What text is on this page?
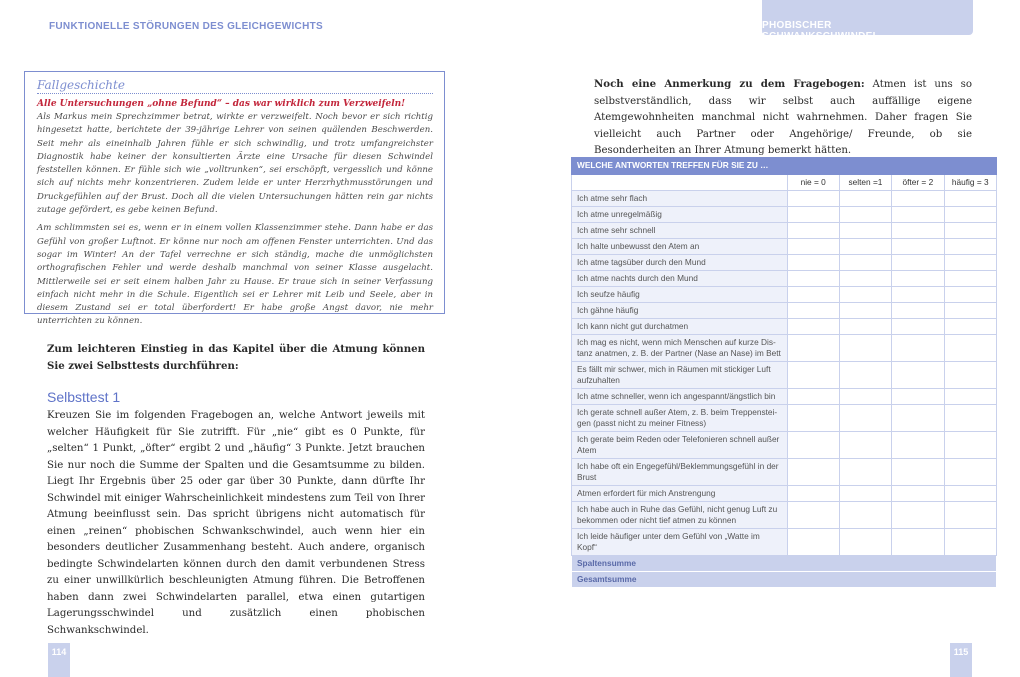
FUNKTIONELLE STÖRUNGEN DES GLEICHGEWICHTS	PHOBISCHER SCHWANKSCHWINDEL
Fallgeschichte
Alle Untersuchungen „ohne Befund“ – das war wirklich zum Verzweifeln!

Als Markus mein Sprechzimmer betrat, wirkte er verzweifelt. Noch bevor er sich richtig hingesetzt hatte, berichtete der 39-jährige Lehrer von seinen quälenden Beschwerden. Seit mehr als eineinhalb Jahren fühle er sich schwindlig, und trotz umfangreichster Diagnostik habe keiner der konsultierten Ärzte eine Ursache für diesen Schwindel feststellen können. Er fühle sich wie „volltrunken“, sei erschöpft, vergesslich und könne sich auf nichts mehr konzentrieren. Zudem leide er unter Herzrhythmusstörungen und Druckgefühlen auf der Brust. Doch all die vielen Untersuchungen hätten rein gar nichts zutage gefördert, es gebe keinen Befund.

Am schlimmsten sei es, wenn er in einem vollen Klassenzimmer stehe. Dann habe er das Gefühl von großer Luftnot. Er könne nur noch am offenen Fenster unterrichten. Und das sogar im Winter! An der Tafel verrechne er sich ständig, mache die unmöglichsten orthografischen Fehler und werde deshalb manchmal von seiner Klasse ausgelacht. Mittlerweile sei er seit einem halben Jahr zu Hause. Er traue sich in seiner Verfassung einfach nicht mehr in die Schule. Eigentlich sei er Lehrer mit Leib und Seele, aber in diesem Zustand sei er total überfordert! Er habe große Angst davor, nie mehr unterrichten zu können.

Zum leichteren Einstieg in das Kapitel über die Atmung können Sie zwei Selbsttests durchführen:
Selbsttest 1
Kreuzen Sie im folgenden Fragebogen an, welche Antwort jeweils mit welcher Häufigkeit für Sie zutrifft. Für „nie“ gibt es 0 Punkte, für „selten“ 1 Punkt, „öfter“ ergibt 2 und „häufig“ 3 Punkte. Jetzt brauchen Sie nur noch die Summe der Spalten und die Gesamtsumme zu bilden. Liegt Ihr Ergebnis über 25 oder gar über 30 Punkte, dann dürfte Ihr Schwindel mit einiger Wahrscheinlichkeit mindestens zum Teil von Ihrer Atmung beeinflusst sein. Das spricht übrigens nicht automatisch für einen „reinen“ phobischen Schwankschwindel, auch wenn hier ein besonders deutlicher Zusammenhang besteht. Auch andere, organisch bedingte Schwindelarten können durch den damit verbundenen Stress zu einer unwillkürlich beschleunigten Atmung führen. Die Betroffenen haben dann zwei Schwindelarten parallel, etwa einen gutartigen Lagerungsschwindel und zusätzlich einen phobischen Schwankschwindel.
Noch eine Anmerkung zu dem Fragebogen: Atmen ist uns so selbstverständlich, dass wir selbst auch auffällige eigene Atemgewohnheiten manchmal nicht wahrnehmen. Daher fragen Sie vielleicht auch Partner oder Angehörige/ Freunde, ob sie Besonderheiten an Ihrer Atmung bemerkt hätten.
WELCHE ANTWORTEN TREFFEN FÜR SIE ZU …				
	nie = 0	selten =1	öfter = 2	häufig = 3
Ich atme sehr flach				
Ich atme unregelmäßig				
Ich atme sehr schnell				
Ich halte unbewusst den Atem an				
Ich atme tagsüber durch den Mund				
Ich atme nachts durch den Mund				
Ich seufze häufig				
Ich gähne häufig				
Ich kann nicht gut durchatmen				
Ich mag es nicht, wenn mich Menschen auf kurze Distanz anatmen, z. B. der Partner (Nase an Nase) im Bett				
Es fällt mir schwer, mich in Räumen mit stickiger Luft aufzuhalten				
Ich atme schneller, wenn ich angespannt/ängstlich bin				
Ich gerate schnell außer Atem, z. B. beim Treppensteigen (passt nicht zu meiner Fitness)				
Ich gerate beim Reden oder Telefonieren schnell außer Atem				
Ich habe oft ein Engegefühl/Beklemmungsgefühl in der Brust				
Atmen erfordert für mich Anstrengung				
Ich habe auch in Ruhe das Gefühl, nicht genug Luft zu bekommen oder nicht tief atmen zu können				
Ich leide häufiger unter dem Gefühl von „Watte im Kopf“				
Spaltensumme				
Gesamtsumme				
114	115
